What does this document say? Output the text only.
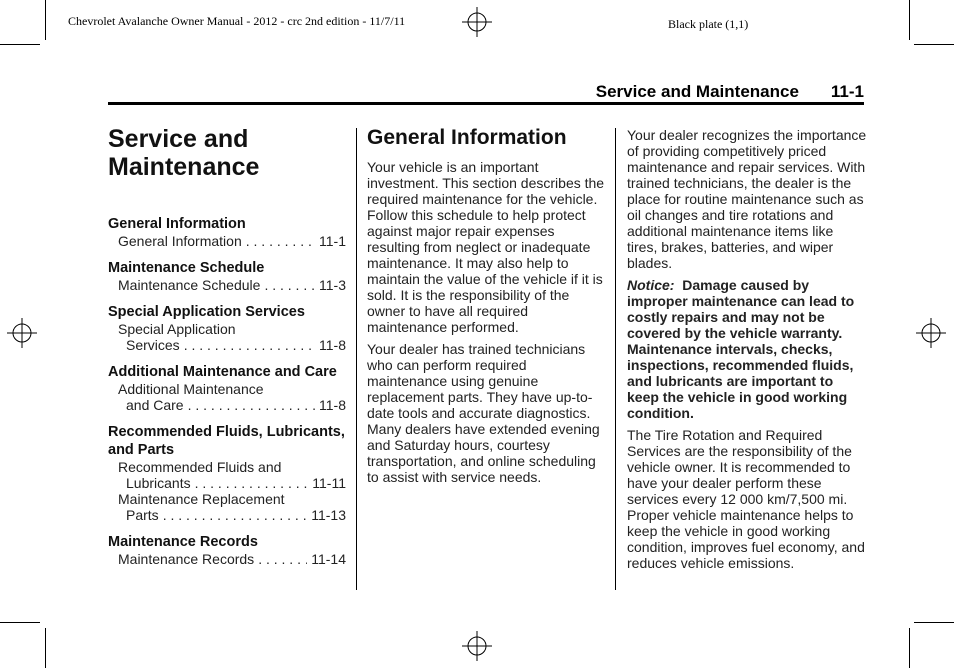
Chevrolet Avalanche Owner Manual - 2012 - crc 2nd edition - 11/7/11	Black plate (1,1)
Service and Maintenance 11-1
Service and Maintenance
General Information
General Information . . .	11-1
Maintenance Schedule
Maintenance Schedule . . .	11-3
Special Application Services
Special Application
Services . . .	11-8
Additional Maintenance and Care
Additional Maintenance
and Care . . .	11-8
Recommended Fluids, Lubricants, and Parts
Recommended Fluids and
Lubricants . . .	11-11
Maintenance Replacement
Parts . . .	11-13
Maintenance Records
Maintenance Records . . .	11-14
General Information

Your vehicle is an important investment. This section describes the required maintenance for the vehicle. Follow this schedule to help protect against major repair expenses resulting from neglect or inadequate maintenance. It may also help to maintain the value of the vehicle if it is sold. It is the responsibility of the owner to have all required maintenance performed.

Your dealer has trained technicians who can perform required maintenance using genuine replacement parts. They have up-to-date tools and accurate diagnostics. Many dealers have extended evening and Saturday hours, courtesy transportation, and online scheduling to assist with service needs.

Your dealer recognizes the importance of providing competitively priced maintenance and repair services. With trained technicians, the dealer is the place for routine maintenance such as oil changes and tire rotations and additional maintenance items like tires, brakes, batteries, and wiper blades.

Notice: Damage caused by improper maintenance can lead to costly repairs and may not be covered by the vehicle warranty. Maintenance intervals, checks, inspections, recommended fluids, and lubricants are important to keep the vehicle in good working condition.

The Tire Rotation and Required Services are the responsibility of the vehicle owner. It is recommended to have your dealer perform these services every 12 000 km/7,500 mi. Proper vehicle maintenance helps to keep the vehicle in good working condition, improves fuel economy, and reduces vehicle emissions.
